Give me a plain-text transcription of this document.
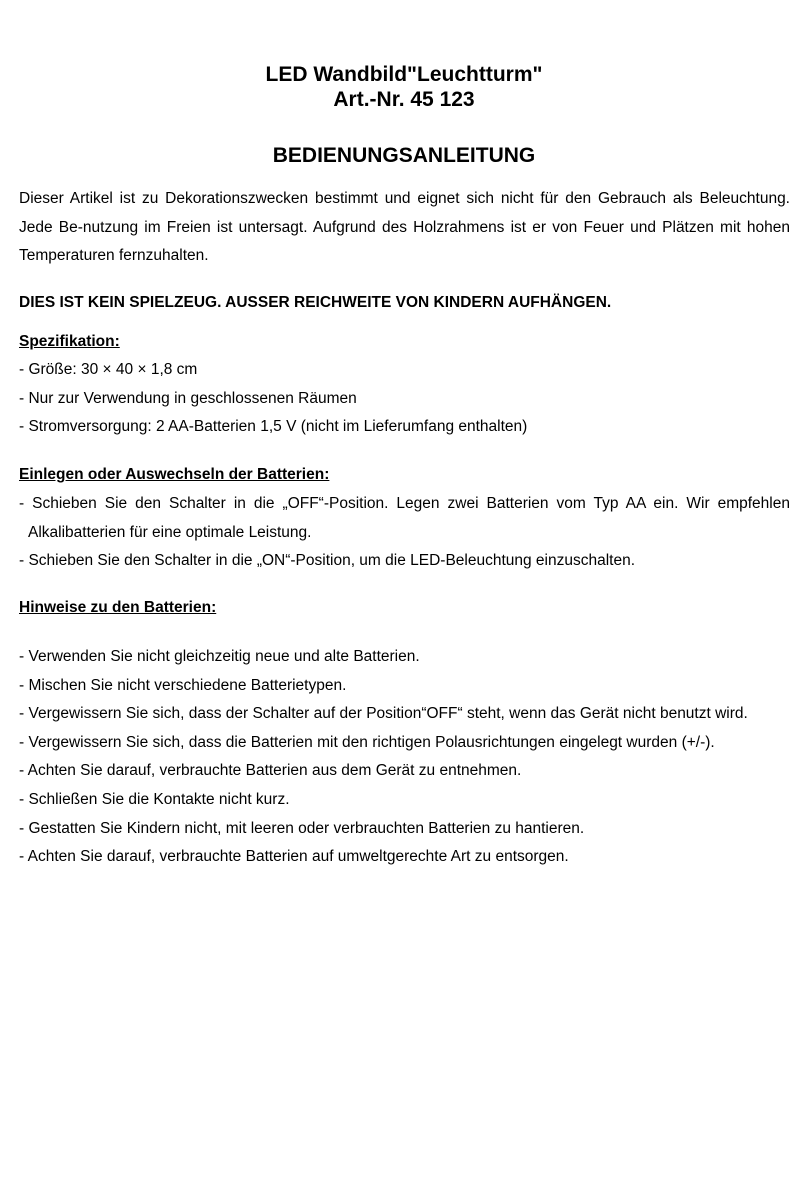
LED Wandbild"Leuchtturm"
Art.-Nr. 45 123
BEDIENUNGSANLEITUNG
Dieser Artikel ist zu Dekorationszwecken bestimmt und eignet sich nicht für den Gebrauch als Beleuchtung. Jede Be-nutzung im Freien ist untersagt. Aufgrund des Holzrahmens ist er von Feuer und Plätzen mit hohen Temperaturen fernzuhalten.
DIES IST KEIN SPIELZEUG. AUSSER REICHWEITE VON KINDERN AUFHÄNGEN.
Spezifikation:
- Größe: 30 × 40 × 1,8 cm
- Nur zur Verwendung in geschlossenen Räumen
- Stromversorgung: 2 AA-Batterien 1,5 V (nicht im Lieferumfang enthalten)
Einlegen oder Auswechseln der Batterien:
- Schieben Sie den Schalter in die „OFF“-Position. Legen zwei Batterien vom Typ AA ein. Wir empfehlen Alkalibatterien für eine optimale Leistung.
- Schieben Sie den Schalter in die „ON“-Position, um die LED-Beleuchtung einzuschalten.
Hinweise zu den Batterien:
- Verwenden Sie nicht gleichzeitig neue und alte Batterien.
- Mischen Sie nicht verschiedene Batterietypen.
- Vergewissern Sie sich, dass der Schalter auf der Position“OFF“ steht, wenn das Gerät nicht benutzt wird.
- Vergewissern Sie sich, dass die Batterien mit den richtigen Polausrichtungen eingelegt wurden (+/-).
- Achten Sie darauf, verbrauchte Batterien aus dem Gerät zu entnehmen.
- Schließen Sie die Kontakte nicht kurz.
- Gestatten Sie Kindern nicht, mit leeren oder verbrauchten Batterien zu hantieren.
- Achten Sie darauf, verbrauchte Batterien auf umweltgerechte Art zu entsorgen.
